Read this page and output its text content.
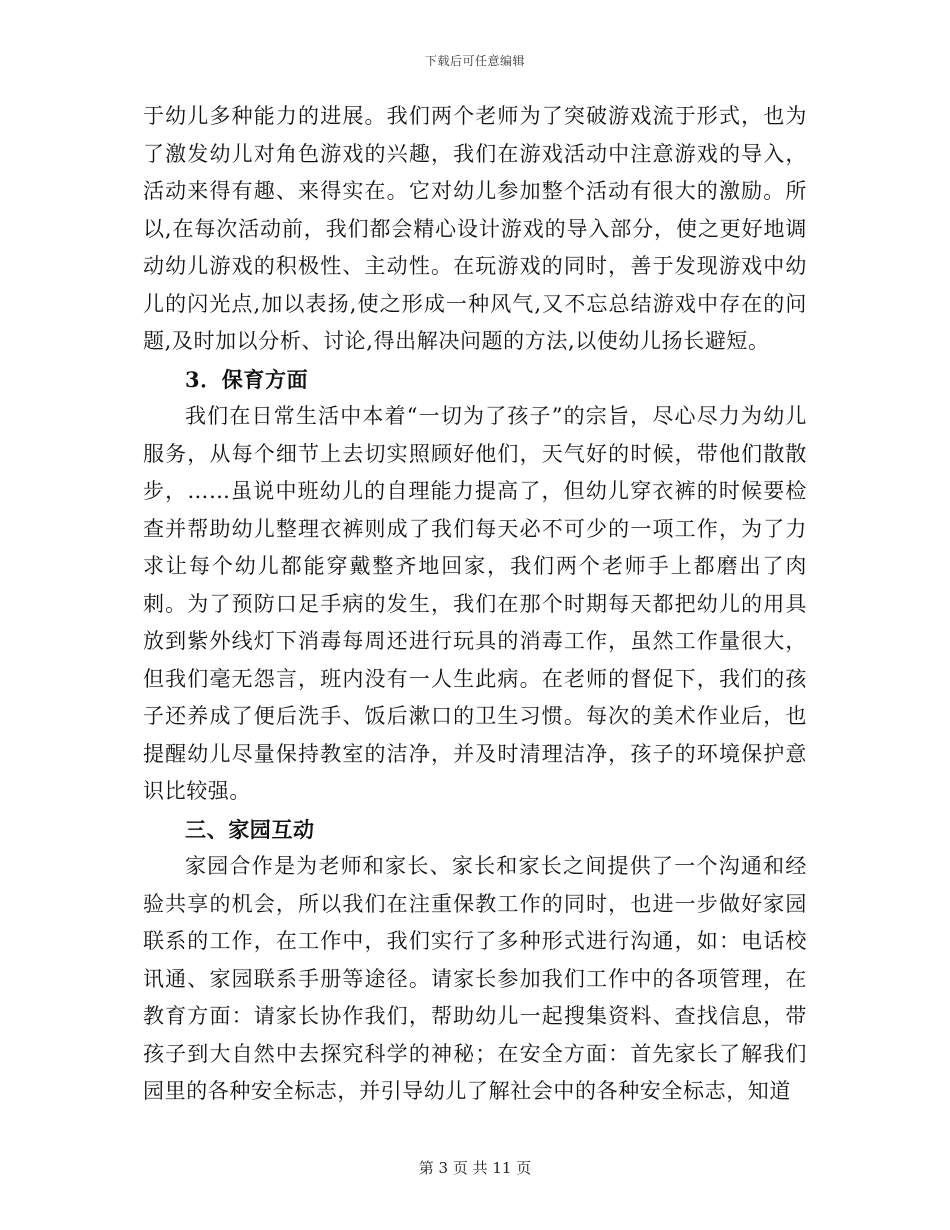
下载后可任意编辑

于幼儿多种能力的进展。我们两个老师为了突破游戏流于形式，也为了激发幼儿对角色游戏的兴趣，我们在游戏活动中注意游戏的导入，活动来得有趣、来得实在。它对幼儿参加整个活动有很大的激励。所以,在每次活动前，我们都会精心设计游戏的导入部分，使之更好地调动幼儿游戏的积极性、主动性。在玩游戏的同时，善于发现游戏中幼儿的闪光点,加以表扬,使之形成一种风气,又不忘总结游戏中存在的问题,及时加以分析、讨论,得出解决问题的方法,以使幼儿扬长避短。

3．保育方面

我们在日常生活中本着“一切为了孩子”的宗旨，尽心尽力为幼儿服务，从每个细节上去切实照顾好他们，天气好的时候，带他们散散步，……虽说中班幼儿的自理能力提高了，但幼儿穿衣裤的时候要检查并帮助幼儿整理衣裤则成了我们每天必不可少的一项工作，为了力求让每个幼儿都能穿戴整齐地回家，我们两个老师手上都磨出了肉刺。为了预防口足手病的发生，我们在那个时期每天都把幼儿的用具放到紫外线灯下消毒每周还进行玩具的消毒工作，虽然工作量很大，但我们毫无怨言，班内没有一人生此病。在老师的督促下，我们的孩子还养成了便后洗手、饭后漱口的卫生习惯。每次的美术作业后，也提醒幼儿尽量保持教室的洁净，并及时清理洁净，孩子的环境保护意识比较强。

三、家园互动

家园合作是为老师和家长、家长和家长之间提供了一个沟通和经验共享的机会，所以我们在注重保教工作的同时，也进一步做好家园联系的工作，在工作中，我们实行了多种形式进行沟通，如：电话校讯通、家园联系手册等途径。请家长参加我们工作中的各项管理，在教育方面：请家长协作我们，帮助幼儿一起搜集资料、查找信息，带孩子到大自然中去探究科学的神秘；在安全方面：首先家长了解我们园里的各种安全标志，并引导幼儿了解社会中的各种安全标志，知道

第 3 页 共 11 页
